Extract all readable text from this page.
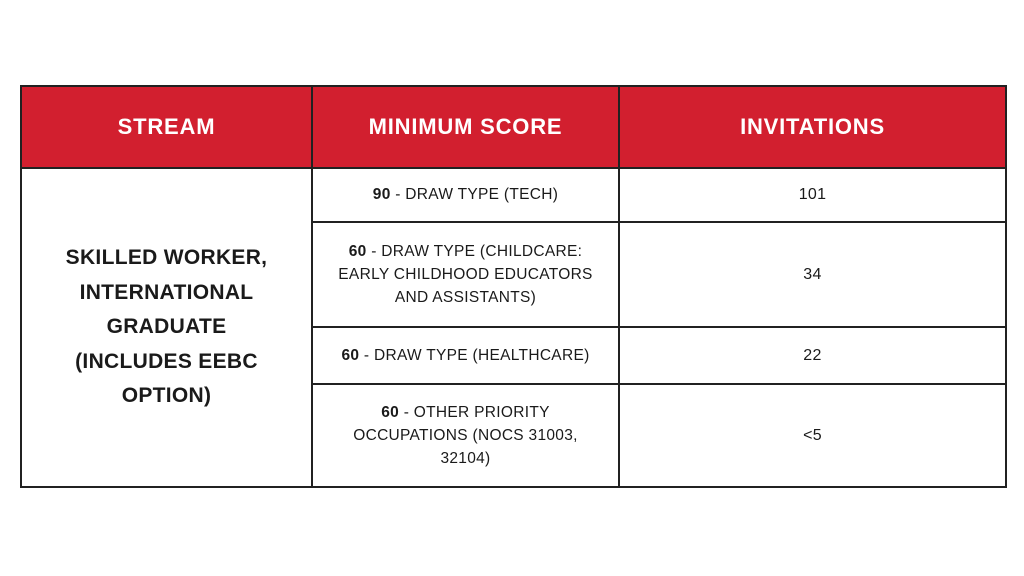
STREAM	MINIMUM SCORE	INVITATIONS

SKILLED WORKER, INTERNATIONAL GRADUATE (INCLUDES EEBC OPTION)	90 - DRAW TYPE (TECH)	101

	60 - DRAW TYPE (CHILDCARE: EARLY CHILDHOOD EDUCATORS AND ASSISTANTS)	34

	60 - DRAW TYPE (HEALTHCARE)	22

	60 - OTHER PRIORITY OCCUPATIONS (NOCS 31003, 32104)	<5
